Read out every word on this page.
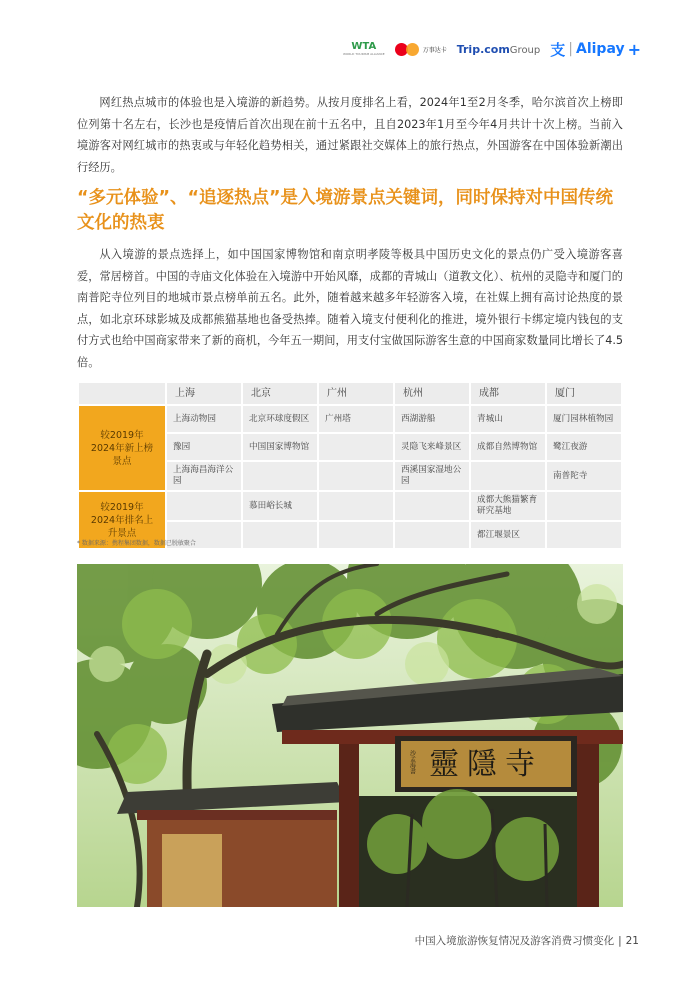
WTA
WORLD TOURISM ALLIANCE
万事达卡 Trip.comGroup 支 | Alipay +

网红热点城市的体验也是入境游的新趋势。从按月度排名上看，2024年1至2月冬季，哈尔滨首次上榜即位列第十名左右，长沙也是疫情后首次出现在前十五名中，且自2023年1月至今年4月共计十次上榜。当前入境游客对网红城市的热衷或与年轻化趋势相关，通过紧跟社交媒体上的旅行热点，外国游客在中国体验新潮出行经历。

“多元体验”、“追逐热点”是入境游景点关键词，同时保持对中国传统文化的热衷

从入境游的景点选择上，如中国国家博物馆和南京明孝陵等极具中国历史文化的景点仍广受入境游客喜爱，常居榜首。中国的寺庙文化体验在入境游中开始风靡，成都的青城山（道教文化）、杭州的灵隐寺和厦门的南普陀寺位列目的地城市景点榜单前五名。此外，随着越来越多年轻游客入境，在社媒上拥有高讨论热度的景点，如北京环球影城及成都熊猫基地也备受热捧。随着入境支付便利化的推进，境外银行卡绑定境内钱包的支付方式也给中国商家带来了新的商机，今年五一期间，用支付宝做国际游客生意的中国商家数量同比增长了4.5倍。

	上海	北京	广州	杭州	成都	厦门
较2019年
2024年新上榜
景点	上海动物园	北京环球度假区	广州塔	西湖游船	青城山	厦门园林植物园
	豫园	中国国家博物馆		灵隐飞来峰景区	成都自然博物馆	鹭江夜游
	上海海昌海洋公园			西溪国家湿地公园		南普陀寺
较2019年
2024年排名上
升景点		慕田峪长城			成都大熊猫繁育研究基地	
					都江堰景区	
* 数据来源：携程集团数据，数据已脱敏聚合
靈隱寺
沙孟海書
中国入境旅游恢复情况及游客消费习惯变化 | 21
